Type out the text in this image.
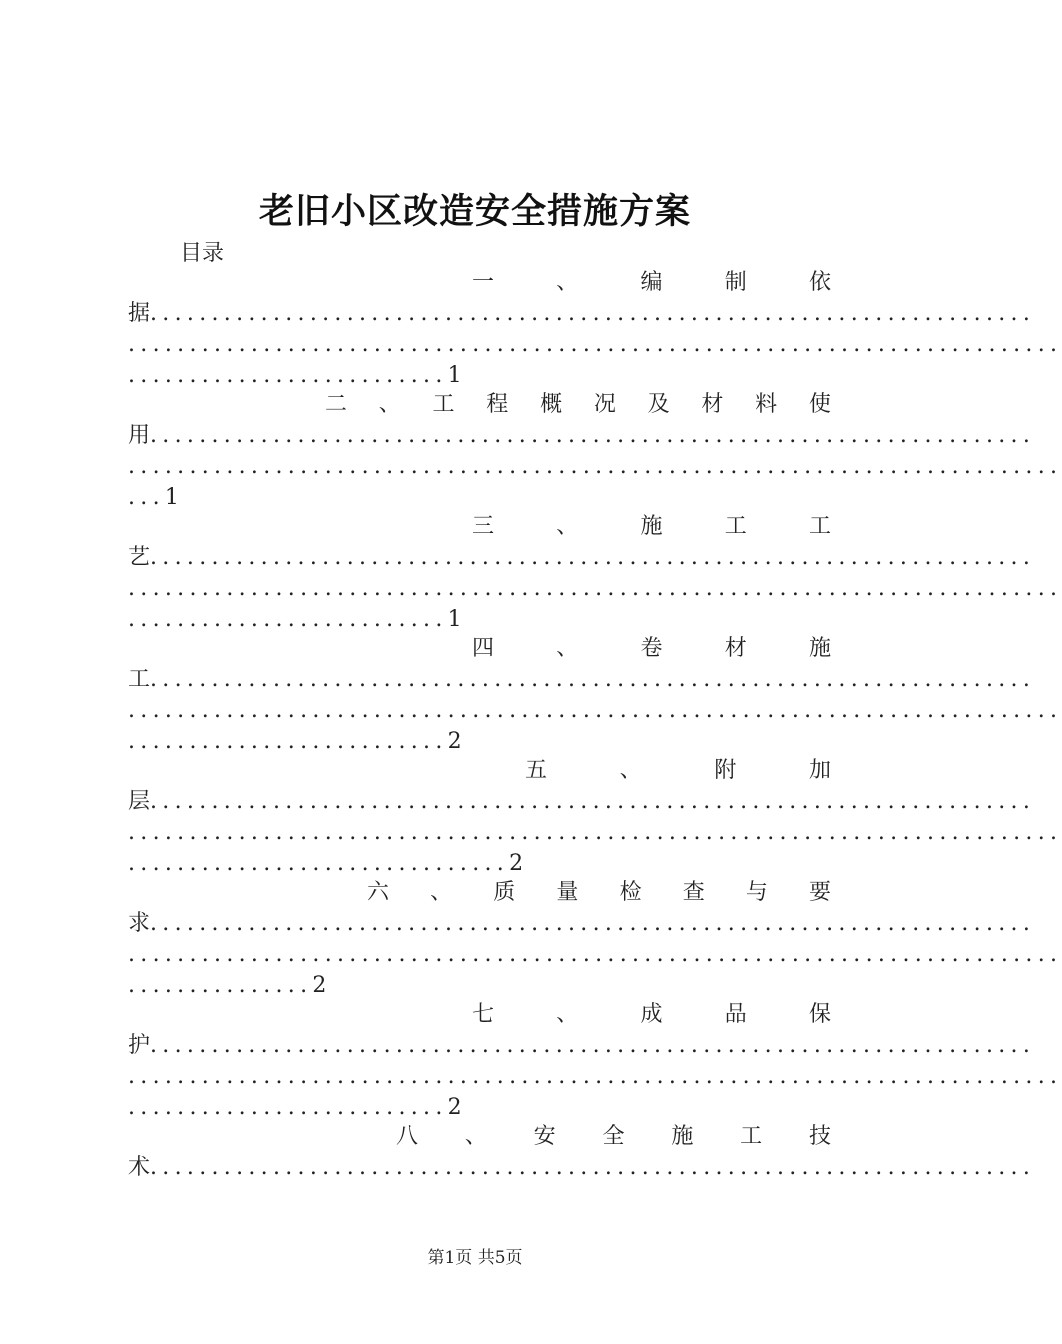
老旧小区改造安全措施方案
目录
一	、	编	制	依
据........................................................................
............................................................................
..........................1
二 、 工 程 概 况 及 材 料 使
用........................................................................
............................................................................
...1
三	、	施	工	工
艺........................................................................
............................................................................
..........................1
四	、	卷	材	施
工........................................................................
............................................................................
..........................2
五	、	附	加
层........................................................................
............................................................................
...............................2
六 、 质 量 检 查 与 要
求........................................................................
............................................................................
...............2
七	、	成	品	保
护........................................................................
............................................................................
..........................2
八 、 安 全 施 工 技
术........................................................................
第1页 共5页
